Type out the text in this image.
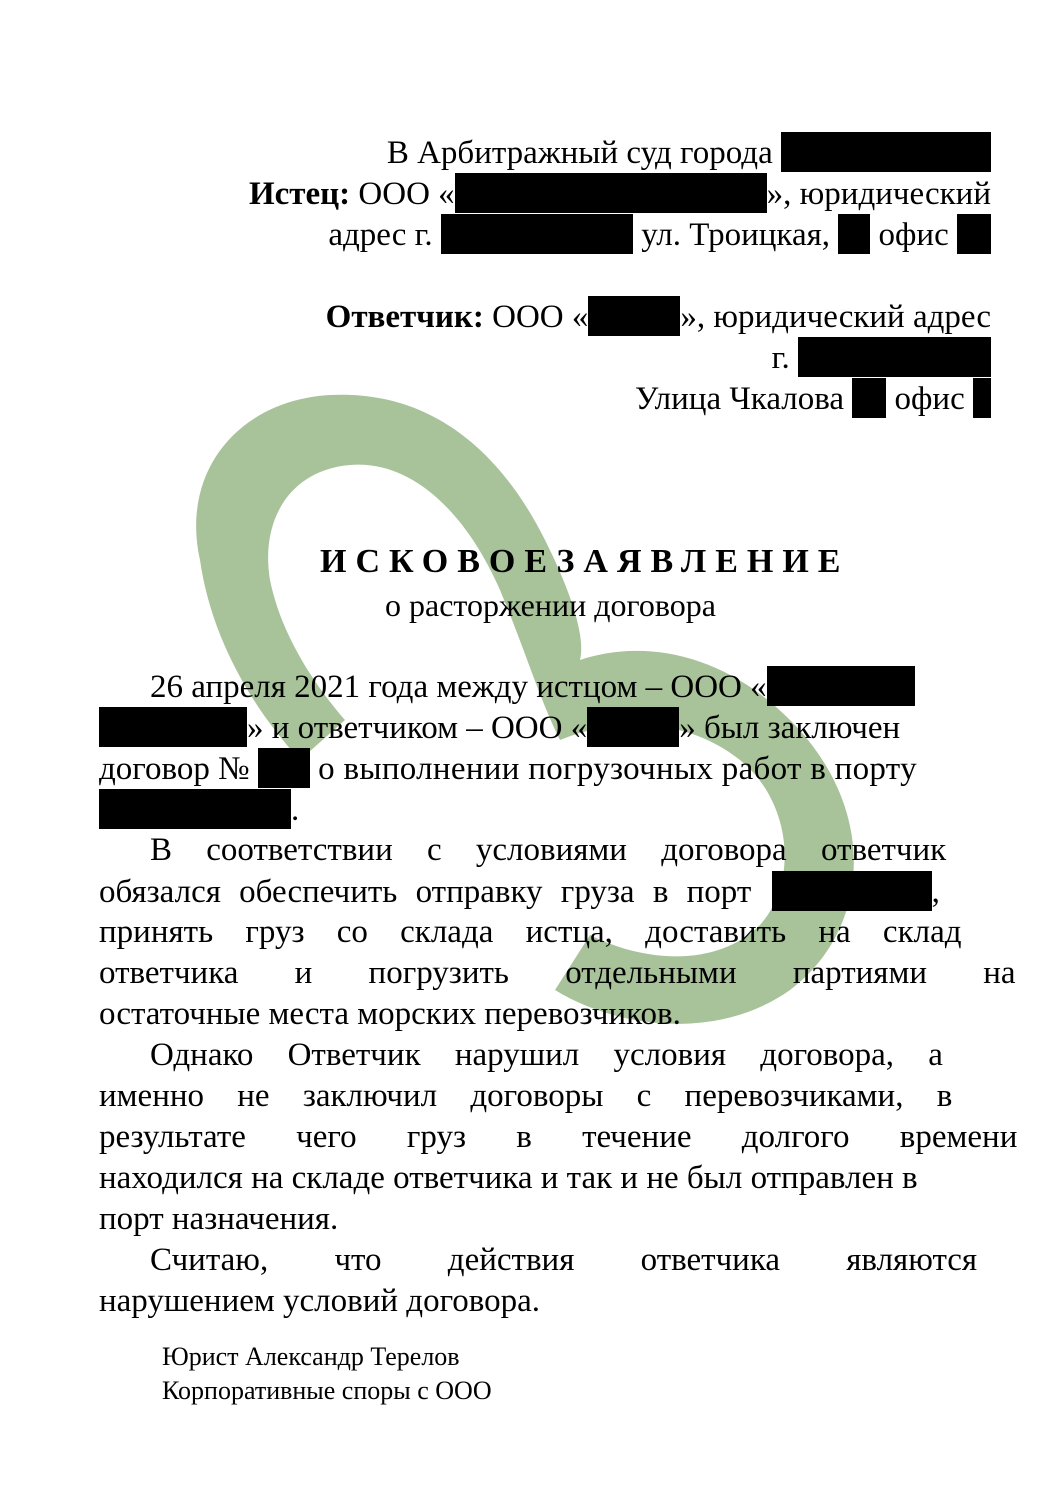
В Арбитражный суд города
Истец: ООО «	», юридический
адрес г.	ул. Троицкая, офис
Ответчик: ООО «	», юридический адрес
г.
Улица Чкалова офис
ИСКОВОЕЗАЯВЛЕНИЕ
о расторжении договора
26 апреля 2021 года между истцом – ООО «
» и ответчиком – ООО «	» был заключен
договор № о выполнении погрузочных работ в порту
.
В соответствии с условиями договора ответчик
обязался обеспечить отправку груза в порт	,
принять груз со склада истца, доставить на склад
ответчика и погрузить отдельными партиями на
остаточные места морских перевозчиков.
Однако Ответчик нарушил условия договора, а
именно не заключил договоры с перевозчиками, в
результате чего груз в течение долгого времени
находился на складе ответчика и так и не был отправлен в
порт назначения.
Считаю, что действия ответчика являются
нарушением условий договора.
Юрист Александр Терелов
Корпоративные споры с ООО
